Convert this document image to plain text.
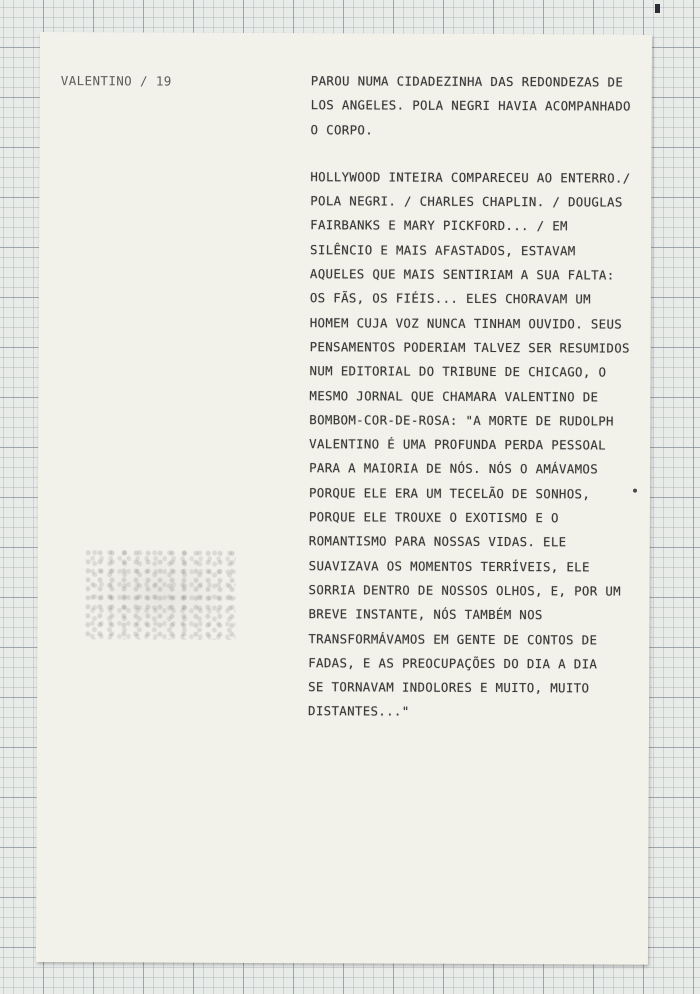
VALENTINO / 19	PAROU NUMA CIDADEZINHA DAS REDONDEZAS DE
LOS ANGELES. POLA NEGRI HAVIA ACOMPANHADO
O CORPO.
HOLLYWOOD INTEIRA COMPARECEU AO ENTERRO./
POLA NEGRI. / CHARLES CHAPLIN. / DOUGLAS
FAIRBANKS E MARY PICKFORD... / EM
SILÊNCIO E MAIS AFASTADOS, ESTAVAM
AQUELES QUE MAIS SENTIRIAM A SUA FALTA:
OS FÃS, OS FIÉIS... ELES CHORAVAM UM
HOMEM CUJA VOZ NUNCA TINHAM OUVIDO. SEUS
PENSAMENTOS PODERIAM TALVEZ SER RESUMIDOS
NUM EDITORIAL DO TRIBUNE DE CHICAGO, O
MESMO JORNAL QUE CHAMARA VALENTINO DE
BOMBOM-COR-DE-ROSA: "A MORTE DE RUDOLPH
VALENTINO É UMA PROFUNDA PERDA PESSOAL
PARA A MAIORIA DE NÓS. NÓS O AMÁVAMOS
PORQUE ELE ERA UM TECELÃO DE SONHOS,
PORQUE ELE TROUXE O EXOTISMO E O
ROMANTISMO PARA NOSSAS VIDAS. ELE
SUAVIZAVA OS MOMENTOS TERRÍVEIS, ELE
SORRIA DENTRO DE NOSSOS OLHOS, E, POR UM
BREVE INSTANTE, NÓS TAMBÉM NOS
TRANSFORMÁVAMOS EM GENTE DE CONTOS DE
FADAS, E AS PREOCUPAÇÕES DO DIA A DIA
SE TORNAVAM INDOLORES E MUITO, MUITO
DISTANTES..."
